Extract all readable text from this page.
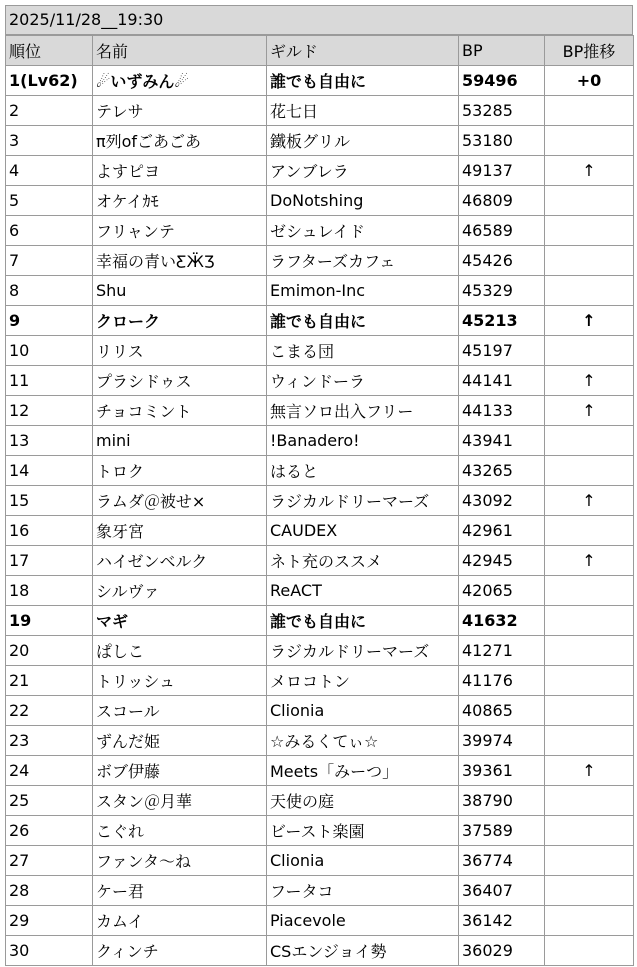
2025/11/28__19:30
順位	名前	ギルド	BP	BP推移
1(Lv62)	☄いずみん☄	誰でも自由に	59496	+0
2	テレサ	花七日	53285	
3	π列ofごあごあ	鐵板グリル	53180	
4	よすピヨ	アンブレラ	49137	↑
5	オケイｶﾓ	DoNotshing	46809	
6	フリャンテ	ゼシュレイド	46589	
7	幸福の青いƸӜƷ	ラフターズカフェ	45426	
8	Shu	Emimon-Inc	45329	
9	クローク	誰でも自由に	45213	↑
10	リリス	こまる団	45197	
11	プラシドゥス	ウィンドーラ	44141	↑
12	チョコミント	無言ソロ出入フリー	44133	↑
13	mini	!Banadero!	43941	
14	トロク	はると	43265	
15	ラムダ＠被せ×	ラジカルドリーマーズ	43092	↑
16	象牙宮	CAUDEX	42961	
17	ハイゼンベルク	ネト充のススメ	42945	↑
18	シルヴァ	ReACT	42065	
19	マギ	誰でも自由に	41632	
20	ぱしこ	ラジカルドリーマーズ	41271	
21	トリッシュ	メロコトン	41176	
22	スコール	Clionia	40865	
23	ずんだ姫	☆みるくてぃ☆	39974	
24	ボブ伊藤	Meets「みーつ」	39361	↑
25	スタン＠月華	天使の庭	38790	
26	こぐれ	ビースト楽園	37589	
27	ファンタ～ね	Clionia	36774	
28	ケー君	フータコ	36407	
29	カムイ	Piacevole	36142	
30	クィンチ	CSエンジョイ勢	36029	
